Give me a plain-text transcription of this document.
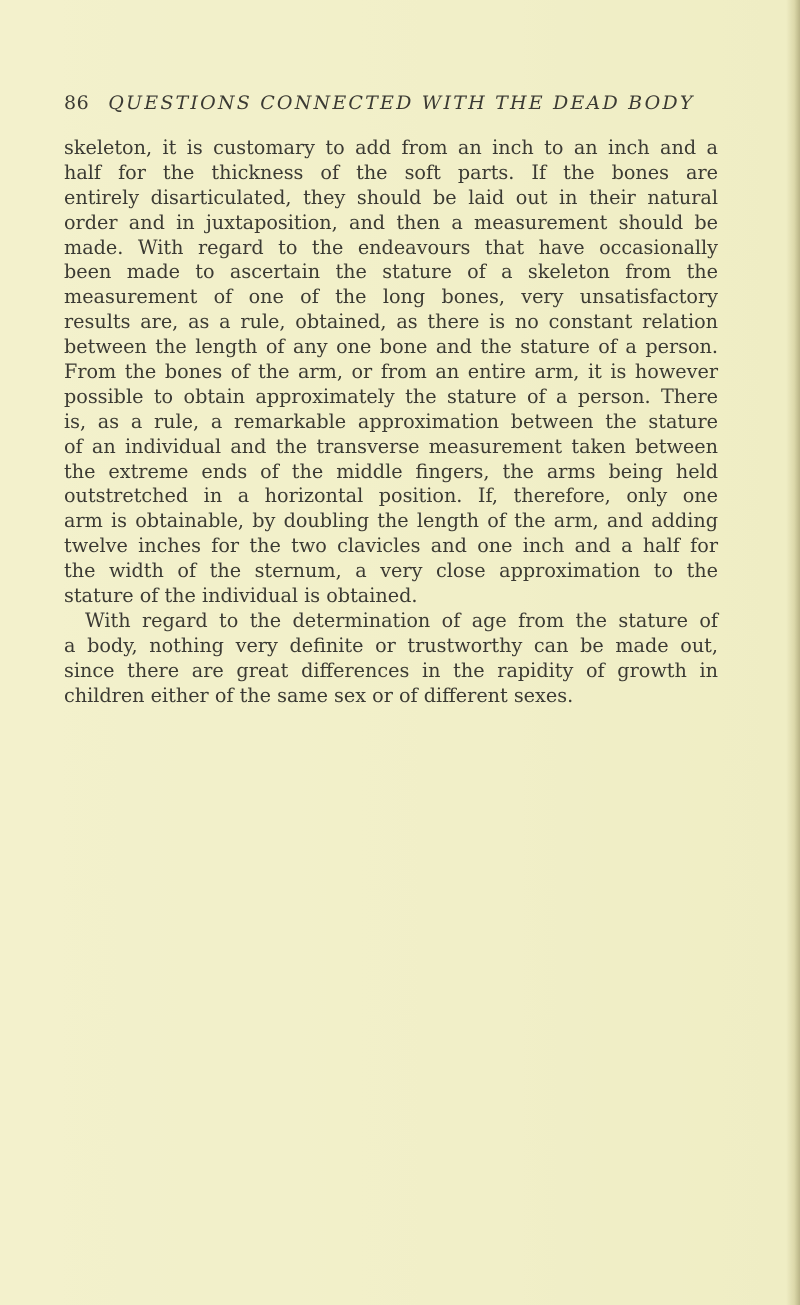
86 QUESTIONS CONNECTED WITH THE DEAD BODY
skeleton, it is customary to add from an inch to an inch and a
half for the thickness of the soft parts. If the bones are
entirely disarticulated, they should be laid out in their natural
order and in juxtaposition, and then a measurement should be
made. With regard to the endeavours that have occasionally
been made to ascertain the stature of a skeleton from the
measurement of one of the long bones, very unsatisfactory
results are, as a rule, obtained, as there is no constant relation
between the length of any one bone and the stature of a person.
From the bones of the arm, or from an entire arm, it is however
possible to obtain approximately the stature of a person. There
is, as a rule, a remarkable approximation between the stature
of an individual and the transverse measurement taken between
the extreme ends of the middle fingers, the arms being held
outstretched in a horizontal position. If, therefore, only one
arm is obtainable, by doubling the length of the arm, and adding
twelve inches for the two clavicles and one inch and a half for
the width of the sternum, a very close approximation to the
stature of the individual is obtained.
With regard to the determination of age from the stature of
a body, nothing very definite or trustworthy can be made out,
since there are great differences in the rapidity of growth in
children either of the same sex or of different sexes.
